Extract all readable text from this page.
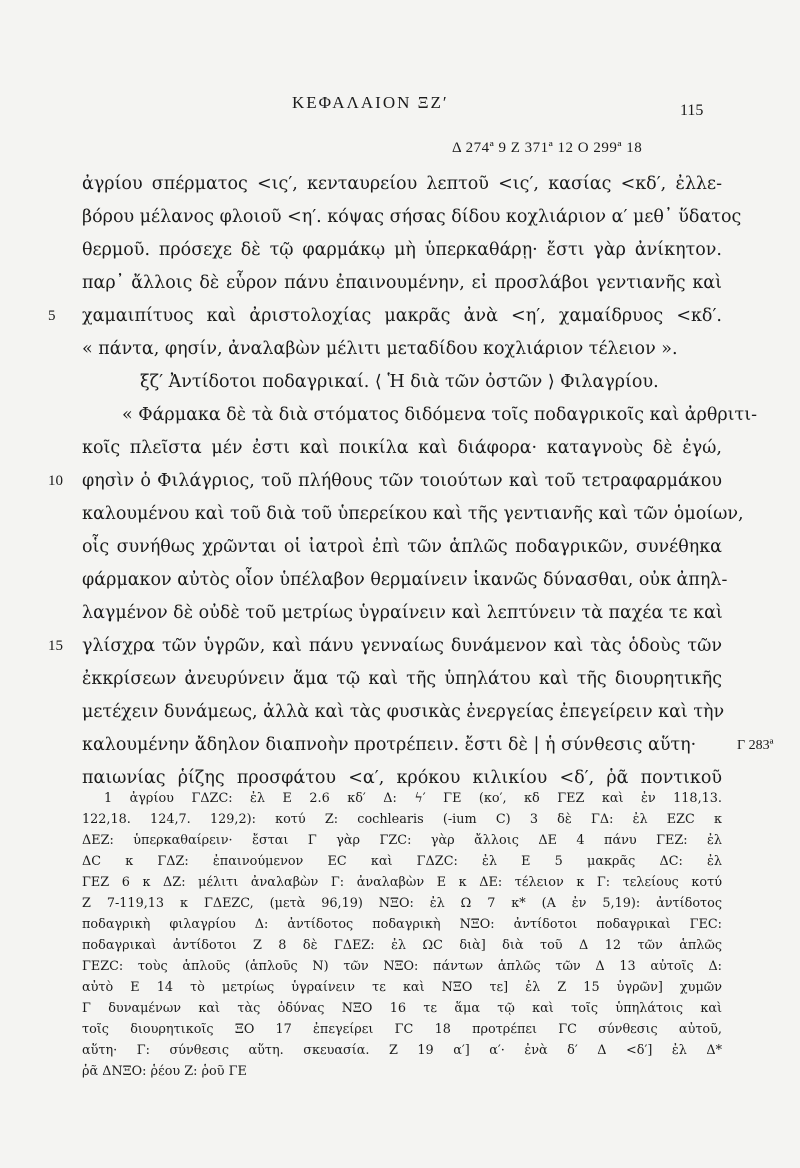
ΚΕΦΑΛΑΙΟΝ ΞΖ′	115
Δ 274ª 9 Ζ 371ª 12 Ο 299ª 18
ἀγρίου σπέρματος <ις′, κενταυρείου λεπτοῦ <ις′, κασίας <κδ′, ἐλλε-
βόρου μέλανος φλοιοῦ <η′. κόψας σήσας δίδου κοχλιάριον α′ μεθ᾽ ὕδατος
θερμοῦ. πρόσεχε δὲ τῷ φαρμάκῳ μὴ ὑπερκαθάρῃ· ἔστι γὰρ ἀνίκητον.
παρ᾽ ἄλλοις δὲ εὗρον πάνυ ἐπαινουμένην, εἰ προσλάβοι γεντιανῆς καὶ
5 χαμαιπίτυος καὶ ἀριστολοχίας μακρᾶς ἀνὰ <η′, χαμαίδρυος <κδ′.
« πάντα, φησίν, ἀναλαβὼν μέλιτι μεταδίδου κοχλιάριον τέλειον ».
ξζ′ Ἀντίδοτοι ποδαγρικαί. ⟨ Ἡ διὰ τῶν ὀστῶν ⟩ Φιλαγρίου.
« Φάρμακα δὲ τὰ διὰ στόματος διδόμενα τοῖς ποδαγρικοῖς καὶ ἀρθριτι-
κοῖς πλεῖστα μέν ἐστι καὶ ποικίλα καὶ διάφορα· καταγνοὺς δὲ ἐγώ,
10 φησὶν ὁ Φιλάγριος, τοῦ πλήθους τῶν τοιούτων καὶ τοῦ τετραφαρμάκου
καλουμένου καὶ τοῦ διὰ τοῦ ὑπερείκου καὶ τῆς γεντιανῆς καὶ τῶν ὁμοίων,
οἷς συνήθως χρῶνται οἱ ἰατροὶ ἐπὶ τῶν ἁπλῶς ποδαγρικῶν, συνέθηκα
φάρμακον αὐτὸς οἷον ὑπέλαβον θερμαίνειν ἱκανῶς δύνασθαι, οὐκ ἀπηλ-
λαγμένον δὲ οὐδὲ τοῦ μετρίως ὑγραίνειν καὶ λεπτύνειν τὰ παχέα τε καὶ
15 γλίσχρα τῶν ὑγρῶν, καὶ πάνυ γενναίως δυνάμενον καὶ τὰς ὁδοὺς τῶν
ἐκκρίσεων ἀνευρύνειν ἅμα τῷ καὶ τῆς ὑπηλάτου καὶ τῆς διουρητικῆς
μετέχειν δυνάμεως, ἀλλὰ καὶ τὰς φυσικὰς ἐνεργείας ἐπεγείρειν καὶ τὴν
καλουμένην ἄδηλον διαπνοὴν προτρέπειν. ἔστι δὲ | ἡ σύνθεσις αὕτη·	Γ 283ª
παιωνίας ῥίζης προσφάτου <α′, κρόκου κιλικίου <δ′, ῥᾶ ποντικοῦ
1 ἀγρίου ΓΔΖC: ἐλ Ε 2.6 κδ′ Δ: ϟ′ ΓΕ (κο′, κδ ΓΕΖ καὶ ἐν 118,13.
122,18. 124,7. 129,2): κοτύ Ζ: cochlearis (-ium C) 3 δὲ ΓΔ: ἐλ ΕΖC κ
ΔΕΖ: ὑπερκαθαίρειν· ἔσται Γ γὰρ ΓΖC: γὰρ ἄλλοις ΔΕ 4 πάνυ ΓΕΖ: ἐλ
ΔC κ ΓΔΖ: ἐπαινούμενον ΕC καὶ ΓΔΖC: ἐλ Ε 5 μακρᾶς ΔC: ἐλ
ΓΕΖ 6 κ ΔΖ: μέλιτι ἀναλαβὼν Γ: ἀναλαβὼν Ε κ ΔΕ: τέλειον κ Γ: τελείους κοτύ
Ζ 7-119,13 κ ΓΔΕΖC, (μετὰ 96,19) ΝΞΟ: ἐλ Ω 7 κ* (Α ἐν 5,19): ἀντίδοτος
ποδαγρικὴ φιλαγρίου Δ: ἀντίδοτος ποδαγρικὴ ΝΞΟ: ἀντίδοτοι ποδαγρικαὶ ΓΕC:
ποδαγρικαὶ ἀντίδοτοι Ζ 8 δὲ ΓΔΕΖ: ἐλ ΩC διὰ] διὰ τοῦ Δ 12 τῶν ἁπλῶς
ΓΕΖC: τοὺς ἁπλοῦς (ἁπλοῦς Ν) τῶν ΝΞΟ: πάντων ἁπλῶς τῶν Δ 13 αὐτοῖς Δ:
αὐτὸ Ε 14 τὸ μετρίως ὑγραίνειν τε καὶ ΝΞΟ τε] ἐλ Ζ 15 ὑγρῶν] χυμῶν
Γ δυναμένων καὶ τὰς ὀδύνας ΝΞΟ 16 τε ἅμα τῷ καὶ τοῖς ὑπηλάτοις καὶ
τοῖς διουρητικοῖς ΞΟ 17 ἐπεγείρει ΓC 18 προτρέπει ΓC σύνθεσις αὐτοῦ,
αὕτη· Γ: σύνθεσις αὕτη. σκευασία. Ζ 19 α′] α′· ἐνὰ δ′ Δ <δ′] ἐλ Δ*
ῥᾶ ΔΝΞΟ: ῥέου Ζ: ῥοῦ ΓΕ
